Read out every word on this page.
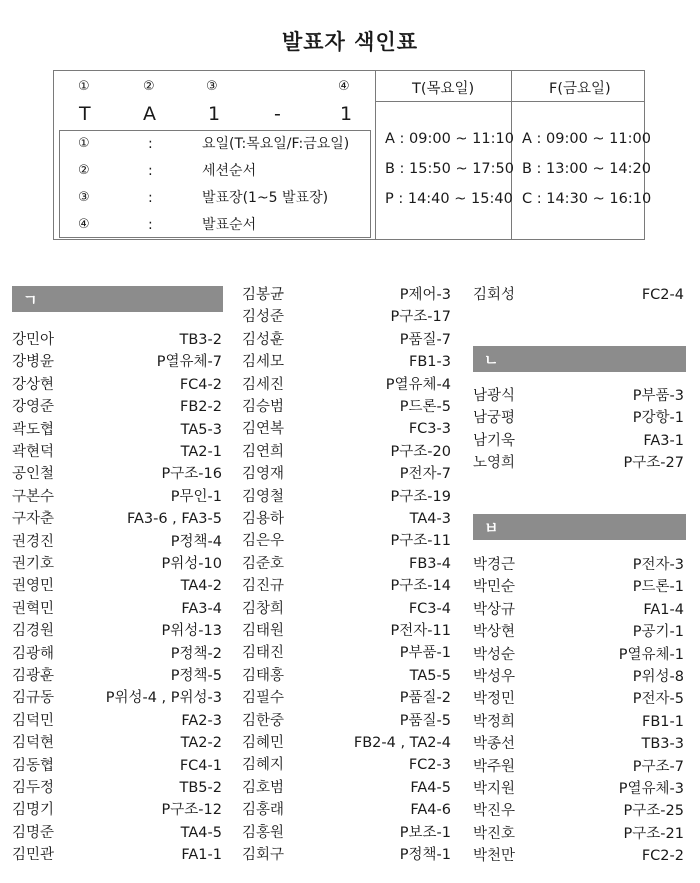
발표자 색인표
①	②	③	④
T	A	1	-	1
①	:	요일(T:목요일/F:금요일)
②	:	세션순서
③	:	발표장(1~5 발표장)
④	:	발표순서
T(목요일)
A : 09:00 ~ 11:10
B : 15:50 ~ 17:50
P : 14:40 ~ 15:40
F(금요일)
A : 09:00 ~ 11:00
B : 13:00 ~ 14:20
C : 14:30 ~ 16:10
ㄱ
ㄴ
ㅂ
강민아	TB3-2
강병윤	P열유체-7
강상현	FC4-2
강영준	FB2-2
곽도협	TA5-3
곽현덕	TA2-1
공인철	P구조-16
구본수	P무인-1
구자춘	FA3-6 , FA3-5
권경진	P정책-4
권기호	P위성-10
권영민	TA4-2
권혁민	FA3-4
김경원	P위성-13
김광해	P정책-2
김광훈	P정책-5
김규동	P위성-4 , P위성-3
김덕민	FA2-3
김덕현	TA2-2
김동협	FC4-1
김두정	TB5-2
김명기	P구조-12
김명준	TA4-5
김민관	FA1-1
김봉균	P제어-3
김성준	P구조-17
김성훈	P품질-7
김세모	FB1-3
김세진	P열유체-4
김승범	P드론-5
김연복	FC3-3
김연희	P구조-20
김영재	P전자-7
김영철	P구조-19
김용하	TA4-3
김은우	P구조-11
김준호	FB3-4
김진규	P구조-14
김창희	FC3-4
김태원	P전자-11
김태진	P부품-1
김태홍	TA5-5
김필수	P품질-2
김한중	P품질-5
김혜민	FB2-4 , TA2-4
김혜지	FC2-3
김호범	FA4-5
김홍래	FA4-6
김홍원	P보조-1
김회구	P정책-1
김회성	FC2-4
남광식	P부품-3
남궁평	P강항-1
남기욱	FA3-1
노영희	P구조-27
박경근	P전자-3
박민순	P드론-1
박상규	FA1-4
박상현	P공기-1
박성순	P열유체-1
박성우	P위성-8
박정민	P전자-5
박정희	FB1-1
박종선	TB3-3
박주원	P구조-7
박지원	P열유체-3
박진우	P구조-25
박진호	P구조-21
박천만	FC2-2
